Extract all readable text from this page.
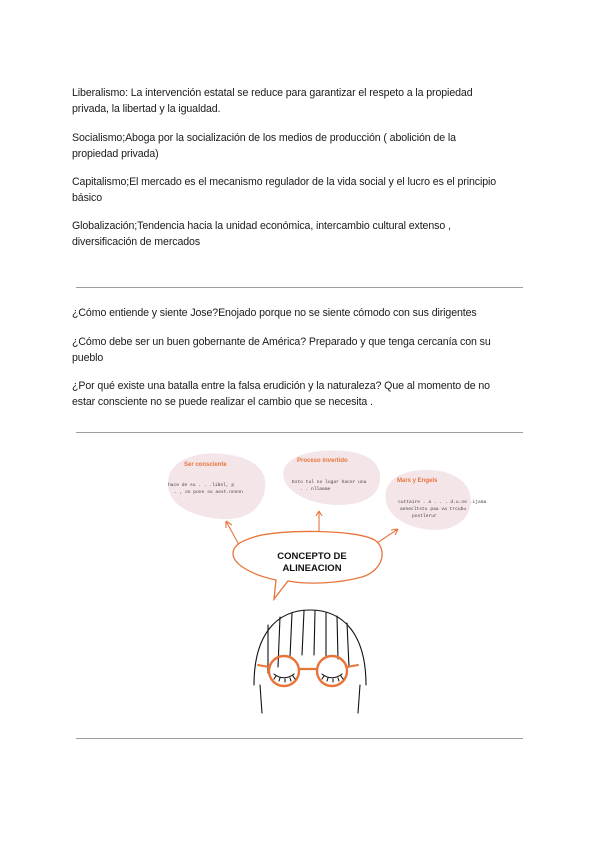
Liberalismo: La intervención estatal se reduce para garantizar el respeto a la propiedad
privada, la libertad y la igualdad.
Socialismo;Aboga por la socialización de los medios de producción ( abolición de la
propiedad privada)
Capitalismo;El mercado es el mecanismo regulador de la vida social y el lucro es el principio
básico
Globalización;Tendencia hacia la unidad económica, intercambio cultural extenso ,
diversificación de mercados
¿Cómo entiende y siente Jose?Enojado porque no se siente cómodo con sus dirigentes
¿Cómo debe ser un buen gobernante de América? Preparado y que tenga cercanía con su
pueblo
¿Por qué existe una batalla entre la falsa erudición y la naturaleza? Que al momento de no
estar consciente no se puede realizar el cambio que se necesita .
Ser consciente
hace de su . . .libel, p
. , on pone su aest.nnnnn
Proceso invertido
Esto tul no lugar hacer una
. . nllaame
Marx y Engels
cuttaire . a . . . d.u.ne .ijama
aenecltstu paa va trcubu
postlerur
CONCEPTO DE
ALINEACION
